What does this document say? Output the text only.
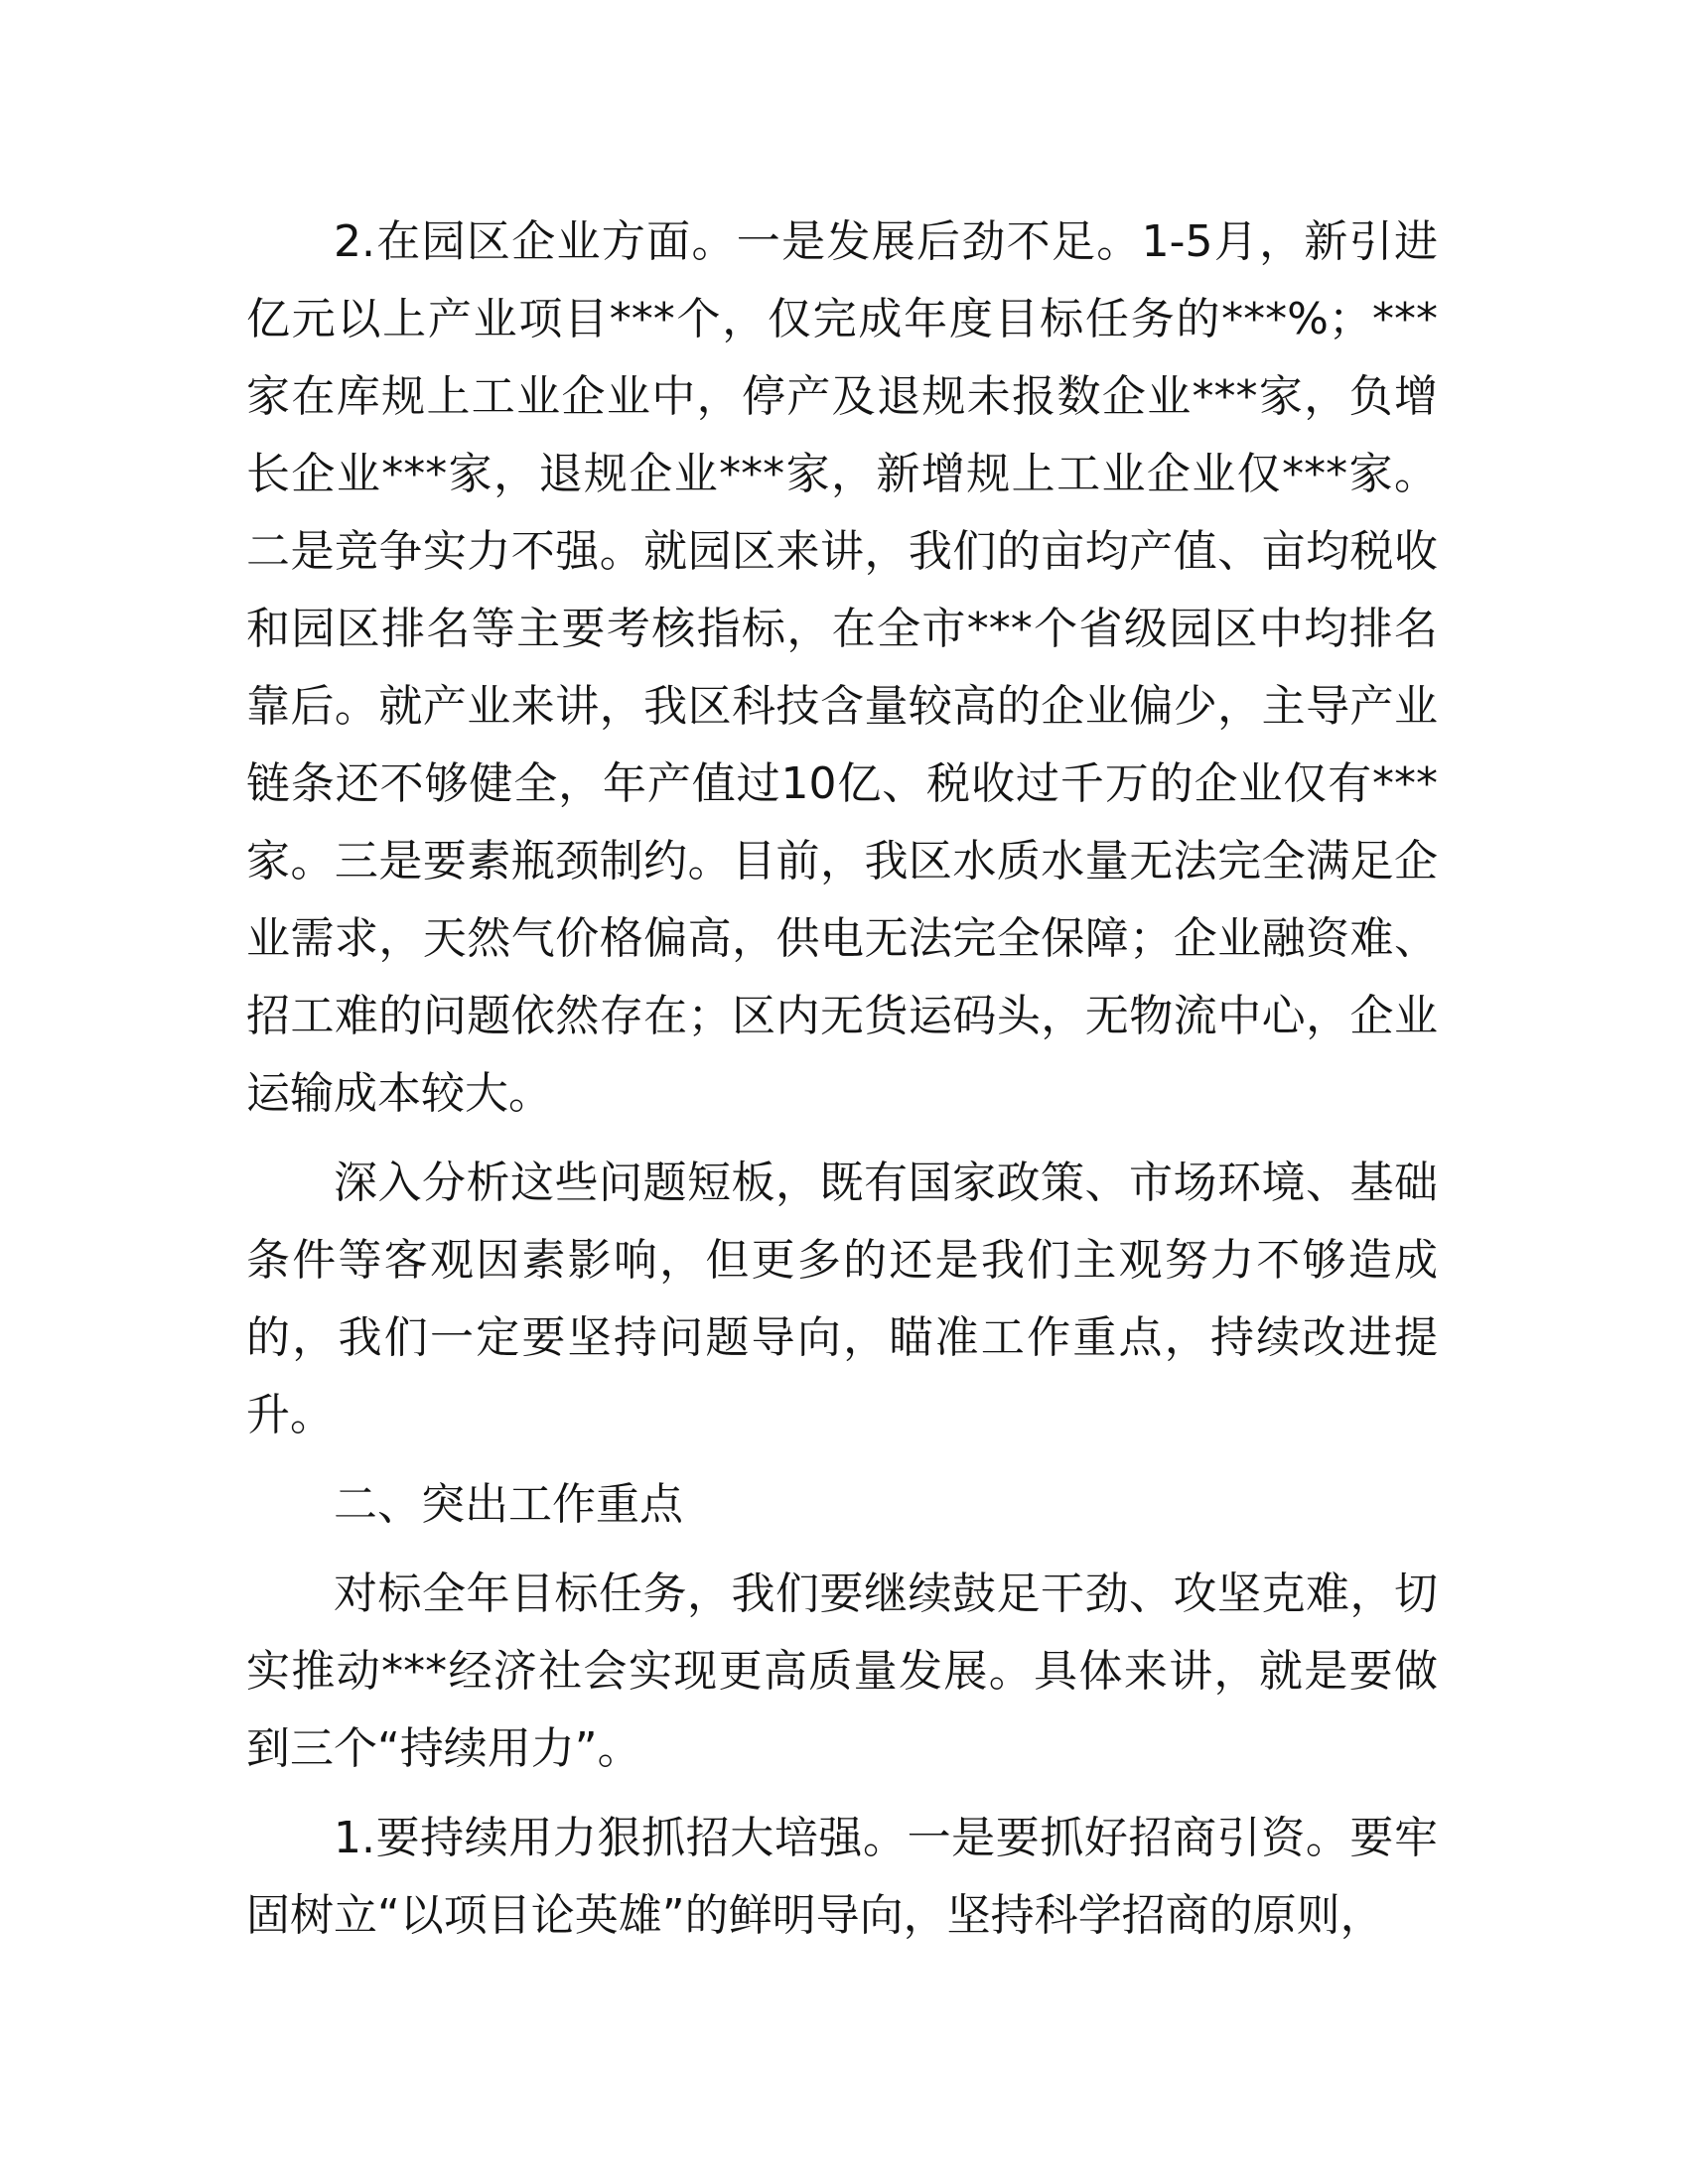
2.在园区企业方面。一是发展后劲不足。1-5月，新引进亿元以上产业项目***个，仅完成年度目标任务的***%；***家在库规上工业企业中，停产及退规未报数企业***家，负增长企业***家，退规企业***家，新增规上工业企业仅***家。二是竞争实力不强。就园区来讲，我们的亩均产值、亩均税收和园区排名等主要考核指标，在全市***个省级园区中均排名靠后。就产业来讲，我区科技含量较高的企业偏少，主导产业链条还不够健全，年产值过10亿、税收过千万的企业仅有***家。三是要素瓶颈制约。目前，我区水质水量无法完全满足企业需求，天然气价格偏高，供电无法完全保障；企业融资难、招工难的问题依然存在；区内无货运码头，无物流中心，企业运输成本较大。

深入分析这些问题短板，既有国家政策、市场环境、基础条件等客观因素影响，但更多的还是我们主观努力不够造成的，我们一定要坚持问题导向，瞄准工作重点，持续改进提升。

二、突出工作重点

对标全年目标任务，我们要继续鼓足干劲、攻坚克难，切实推动***经济社会实现更高质量发展。具体来讲，就是要做到三个“持续用力”。

1.要持续用力狠抓招大培强。一是要抓好招商引资。要牢固树立“以项目论英雄”的鲜明导向，坚持科学招商的原则，
